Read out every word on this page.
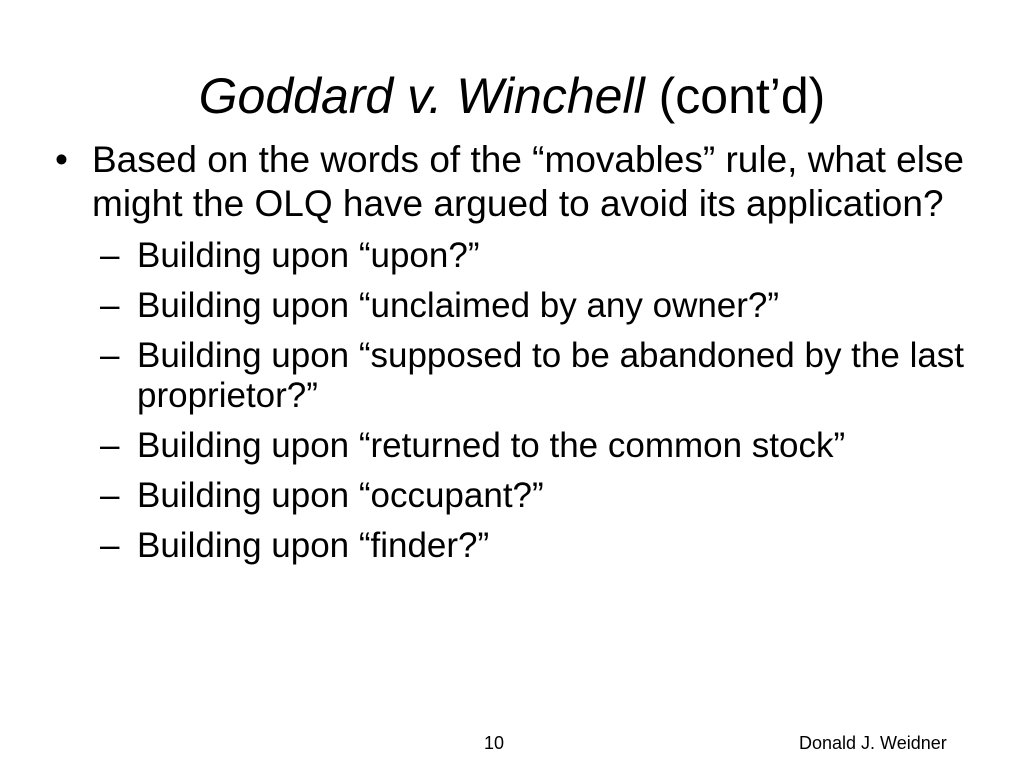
Goddard v. Winchell (cont’d)
• Based on the words of the “movables” rule, what else might the OLQ have argued to avoid its application?
– Building upon “upon?”
– Building upon “unclaimed by any owner?”
– Building upon “supposed to be abandoned by the last proprietor?”
– Building upon “returned to the common stock”
– Building upon “occupant?”
– Building upon “finder?”
10	Donald J. Weidner
